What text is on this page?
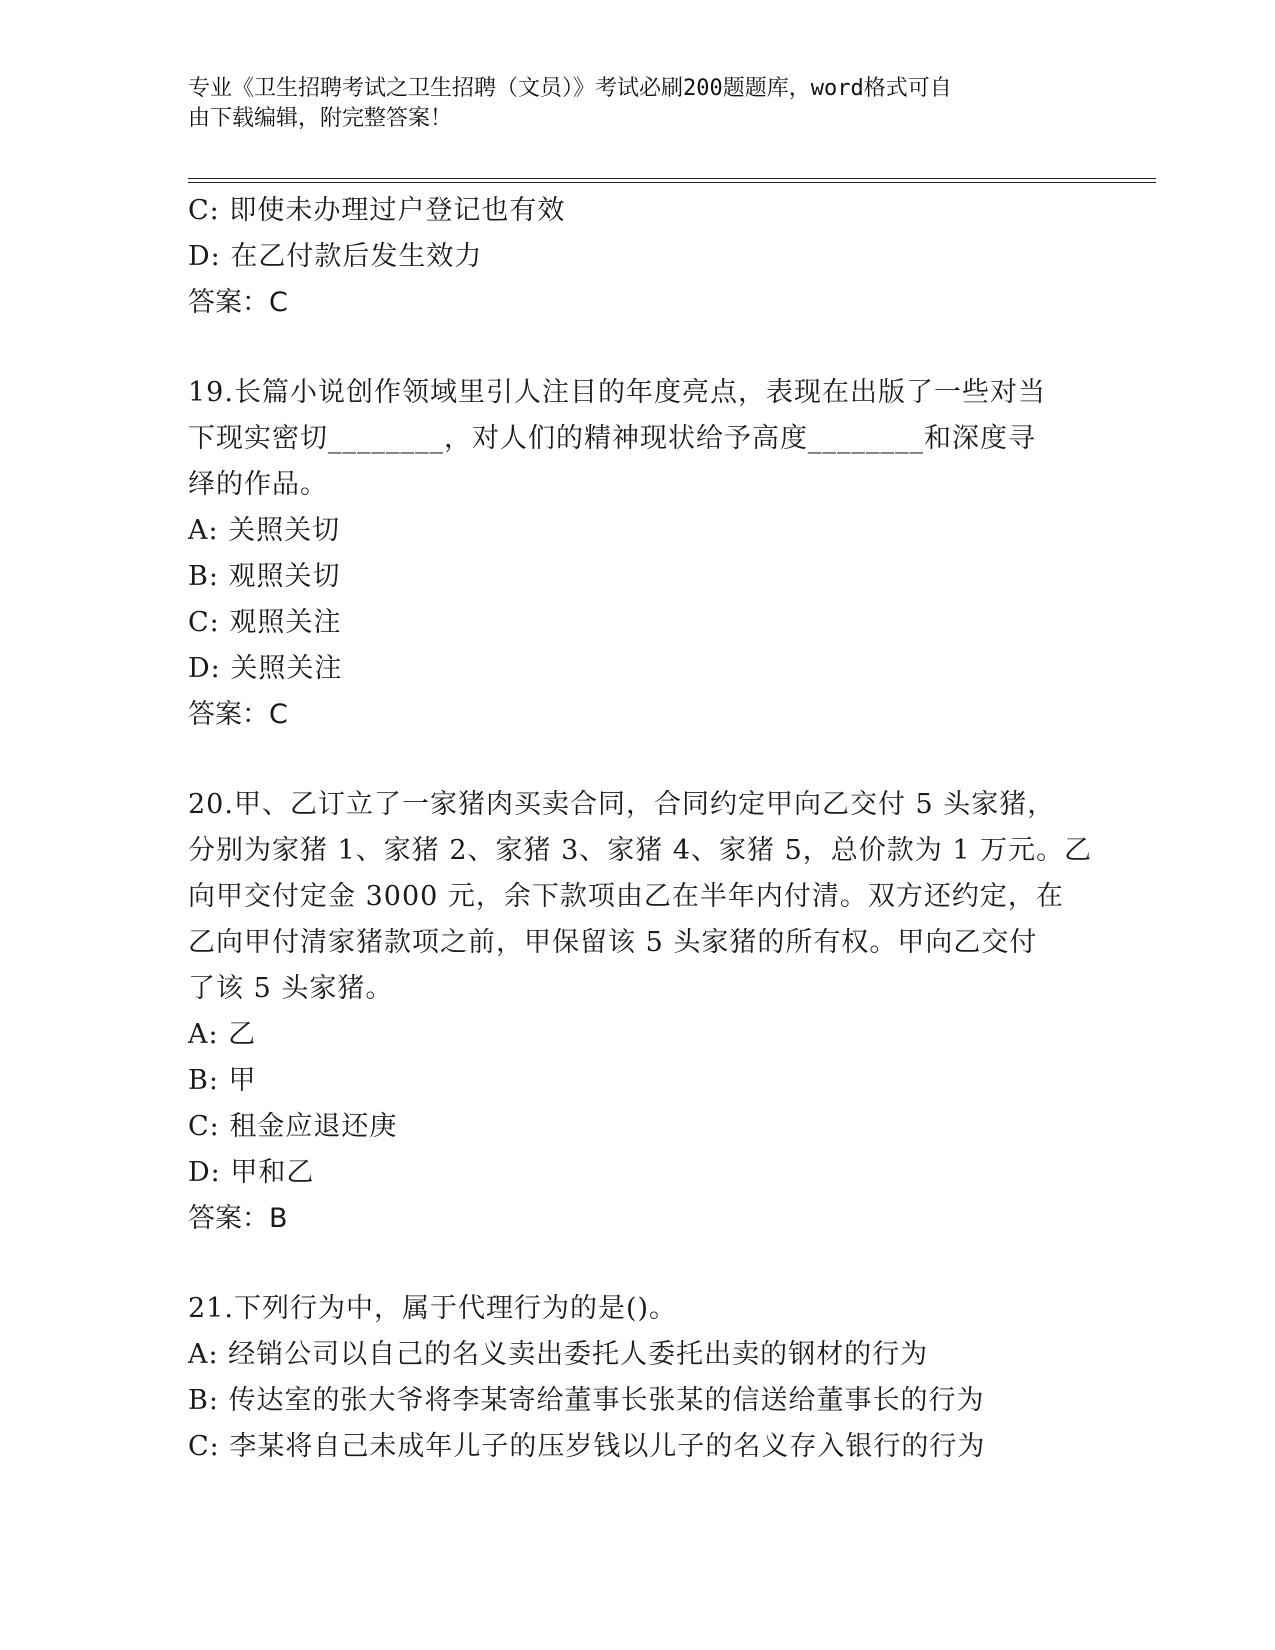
专业《卫生招聘考试之卫生招聘（文员）》考试必刷200题题库，word格式可自
由下载编辑，附完整答案！

C: 即使未办理过户登记也有效

D: 在乙付款后发生效力

答案：C

19.长篇小说创作领域里引人注目的年度亮点，表现在出版了一些对当

下现实密切________，对人们的精神现状给予高度________和深度寻

绎的作品。

A: 关照关切

B: 观照关切

C: 观照关注

D: 关照关注

答案：C

20.甲、乙订立了一家猪肉买卖合同，合同约定甲向乙交付 5 头家猪，

分别为家猪 1、家猪 2、家猪 3、家猪 4、家猪 5，总价款为 1 万元。乙

向甲交付定金 3000 元，余下款项由乙在半年内付清。双方还约定，在

乙向甲付清家猪款项之前，甲保留该 5 头家猪的所有权。甲向乙交付

了该 5 头家猪。

A: 乙

B: 甲

C: 租金应退还庚

D: 甲和乙

答案：B

21.下列行为中，属于代理行为的是()。

A: 经销公司以自己的名义卖出委托人委托出卖的钢材的行为

B: 传达室的张大爷将李某寄给董事长张某的信送给董事长的行为

C: 李某将自己未成年儿子的压岁钱以儿子的名义存入银行的行为
